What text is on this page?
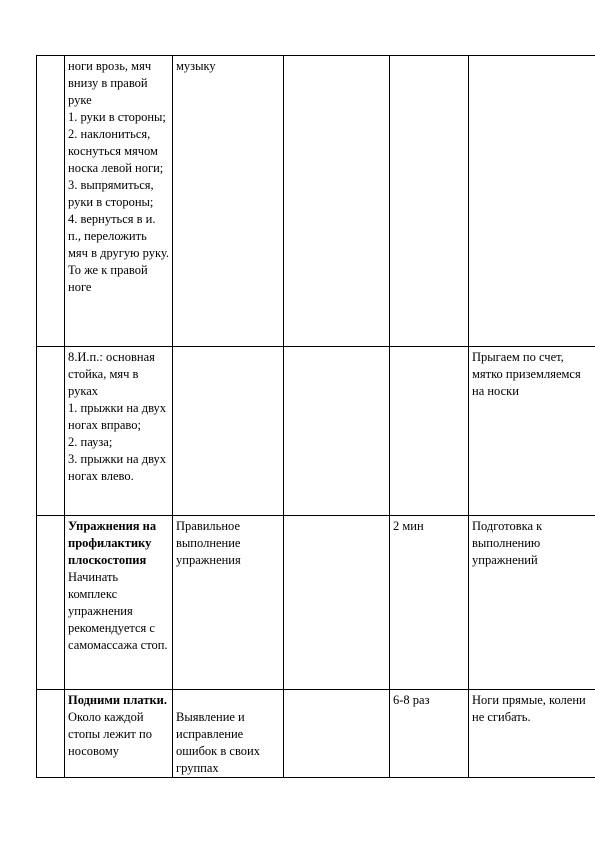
	ноги врозь, мяч внизу в правой руке
1. руки в стороны;
2. наклониться, коснуться мячом носка левой ноги;
3. выпрямиться, руки в стороны;
4. вернуться в и. п., переложить мяч в другую руку. То же к правой ноге	музыку			
	8.И.п.: основная стойка, мяч в руках
1. прыжки на двух ногах вправо;
2. пауза;
3. прыжки на двух ногах влево.				Прыгаем по счет, мятко приземляемся на носки
	Упражнения на профилактику плоскостопия
Начинать комплекс упражнения рекомендуется с самомассажа стоп.	Правильное выполнение упражнения		2 мин	Подготовка к выполнению упражнений
	Подними платки. Около каждой стопы лежит по носовому	Выявление и исправление ошибок в своих группах		6-8 раз	Ноги прямые, колени не сгибать.
